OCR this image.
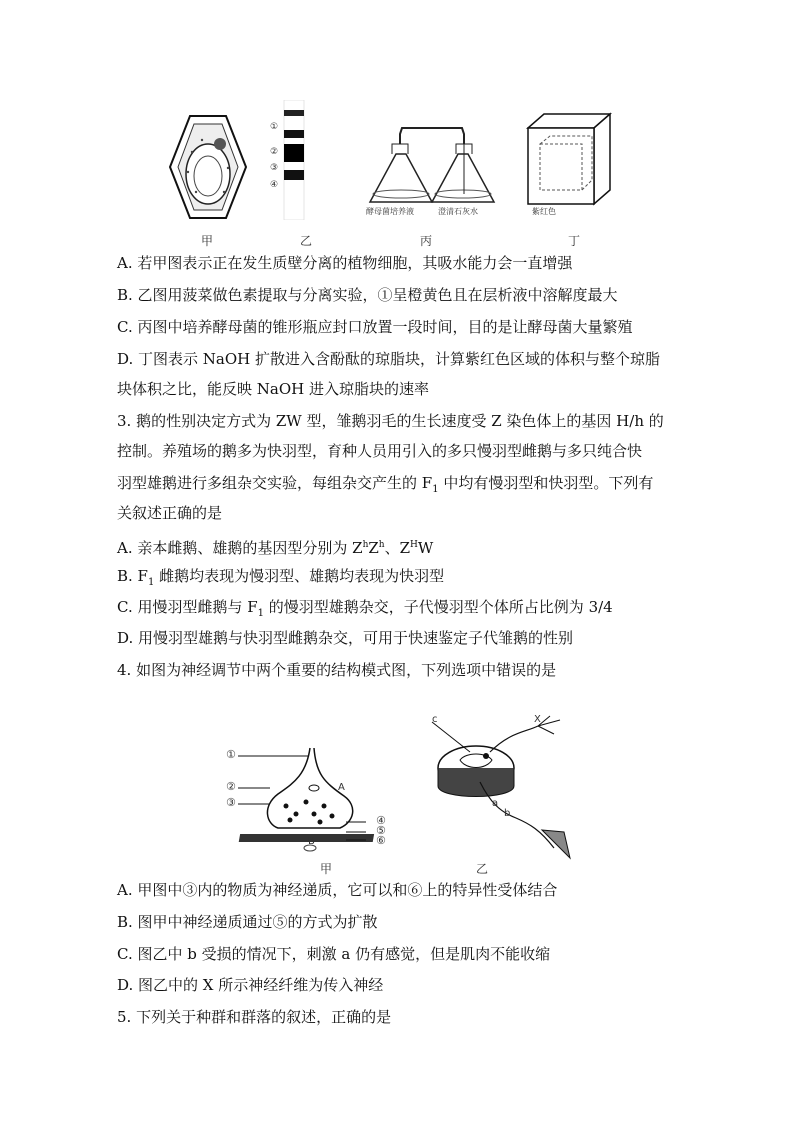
甲
①
②
③
④
乙
酵母菌培养液	澄清石灰水
丙
紫红色
丁
A. 若甲图表示正在发生质壁分离的植物细胞，其吸水能力会一直增强
B. 乙图用菠菜做色素提取与分离实验，①呈橙黄色且在层析液中溶解度最大
C. 丙图中培养酵母菌的锥形瓶应封口放置一段时间，目的是让酵母菌大量繁殖
D. 丁图表示 NaOH 扩散进入含酚酞的琼脂块，计算紫红色区域的体积与整个琼脂
块体积之比，能反映 NaOH 进入琼脂块的速率
3. 鹅的性别决定方式为 ZW 型，雏鹅羽毛的生长速度受 Z 染色体上的基因 H/h 的
控制。养殖场的鹅多为快羽型，育种人员用引入的多只慢羽型雌鹅与多只纯合快
羽型雄鹅进行多组杂交实验，每组杂交产生的 $F_1$ 中均有慢羽型和快羽型。下列有
关叙述正确的是
A. 亲本雌鹅、雄鹅的基因型分别为 $Z^hZ^h$、$Z^HW$
B. $F_1$ 雌鹅均表现为慢羽型、雄鹅均表现为快羽型
C. 用慢羽型雌鹅与 $F_1$ 的慢羽型雄鹅杂交，子代慢羽型个体所占比例为 3/4
D. 用慢羽型雄鹅与快羽型雌鹅杂交，可用于快速鉴定子代雏鹅的性别
4. 如图为神经调节中两个重要的结构模式图，下列选项中错误的是
①
②
③
④
⑤
⑥
A
B
甲
c	X
a
b
乙
A. 甲图中③内的物质为神经递质，它可以和⑥上的特异性受体结合
B. 图甲中神经递质通过⑤的方式为扩散
C. 图乙中 b 受损的情况下，刺激 a 仍有感觉，但是肌肉不能收缩
D. 图乙中的 X 所示神经纤维为传入神经
5. 下列关于种群和群落的叙述，正确的是
